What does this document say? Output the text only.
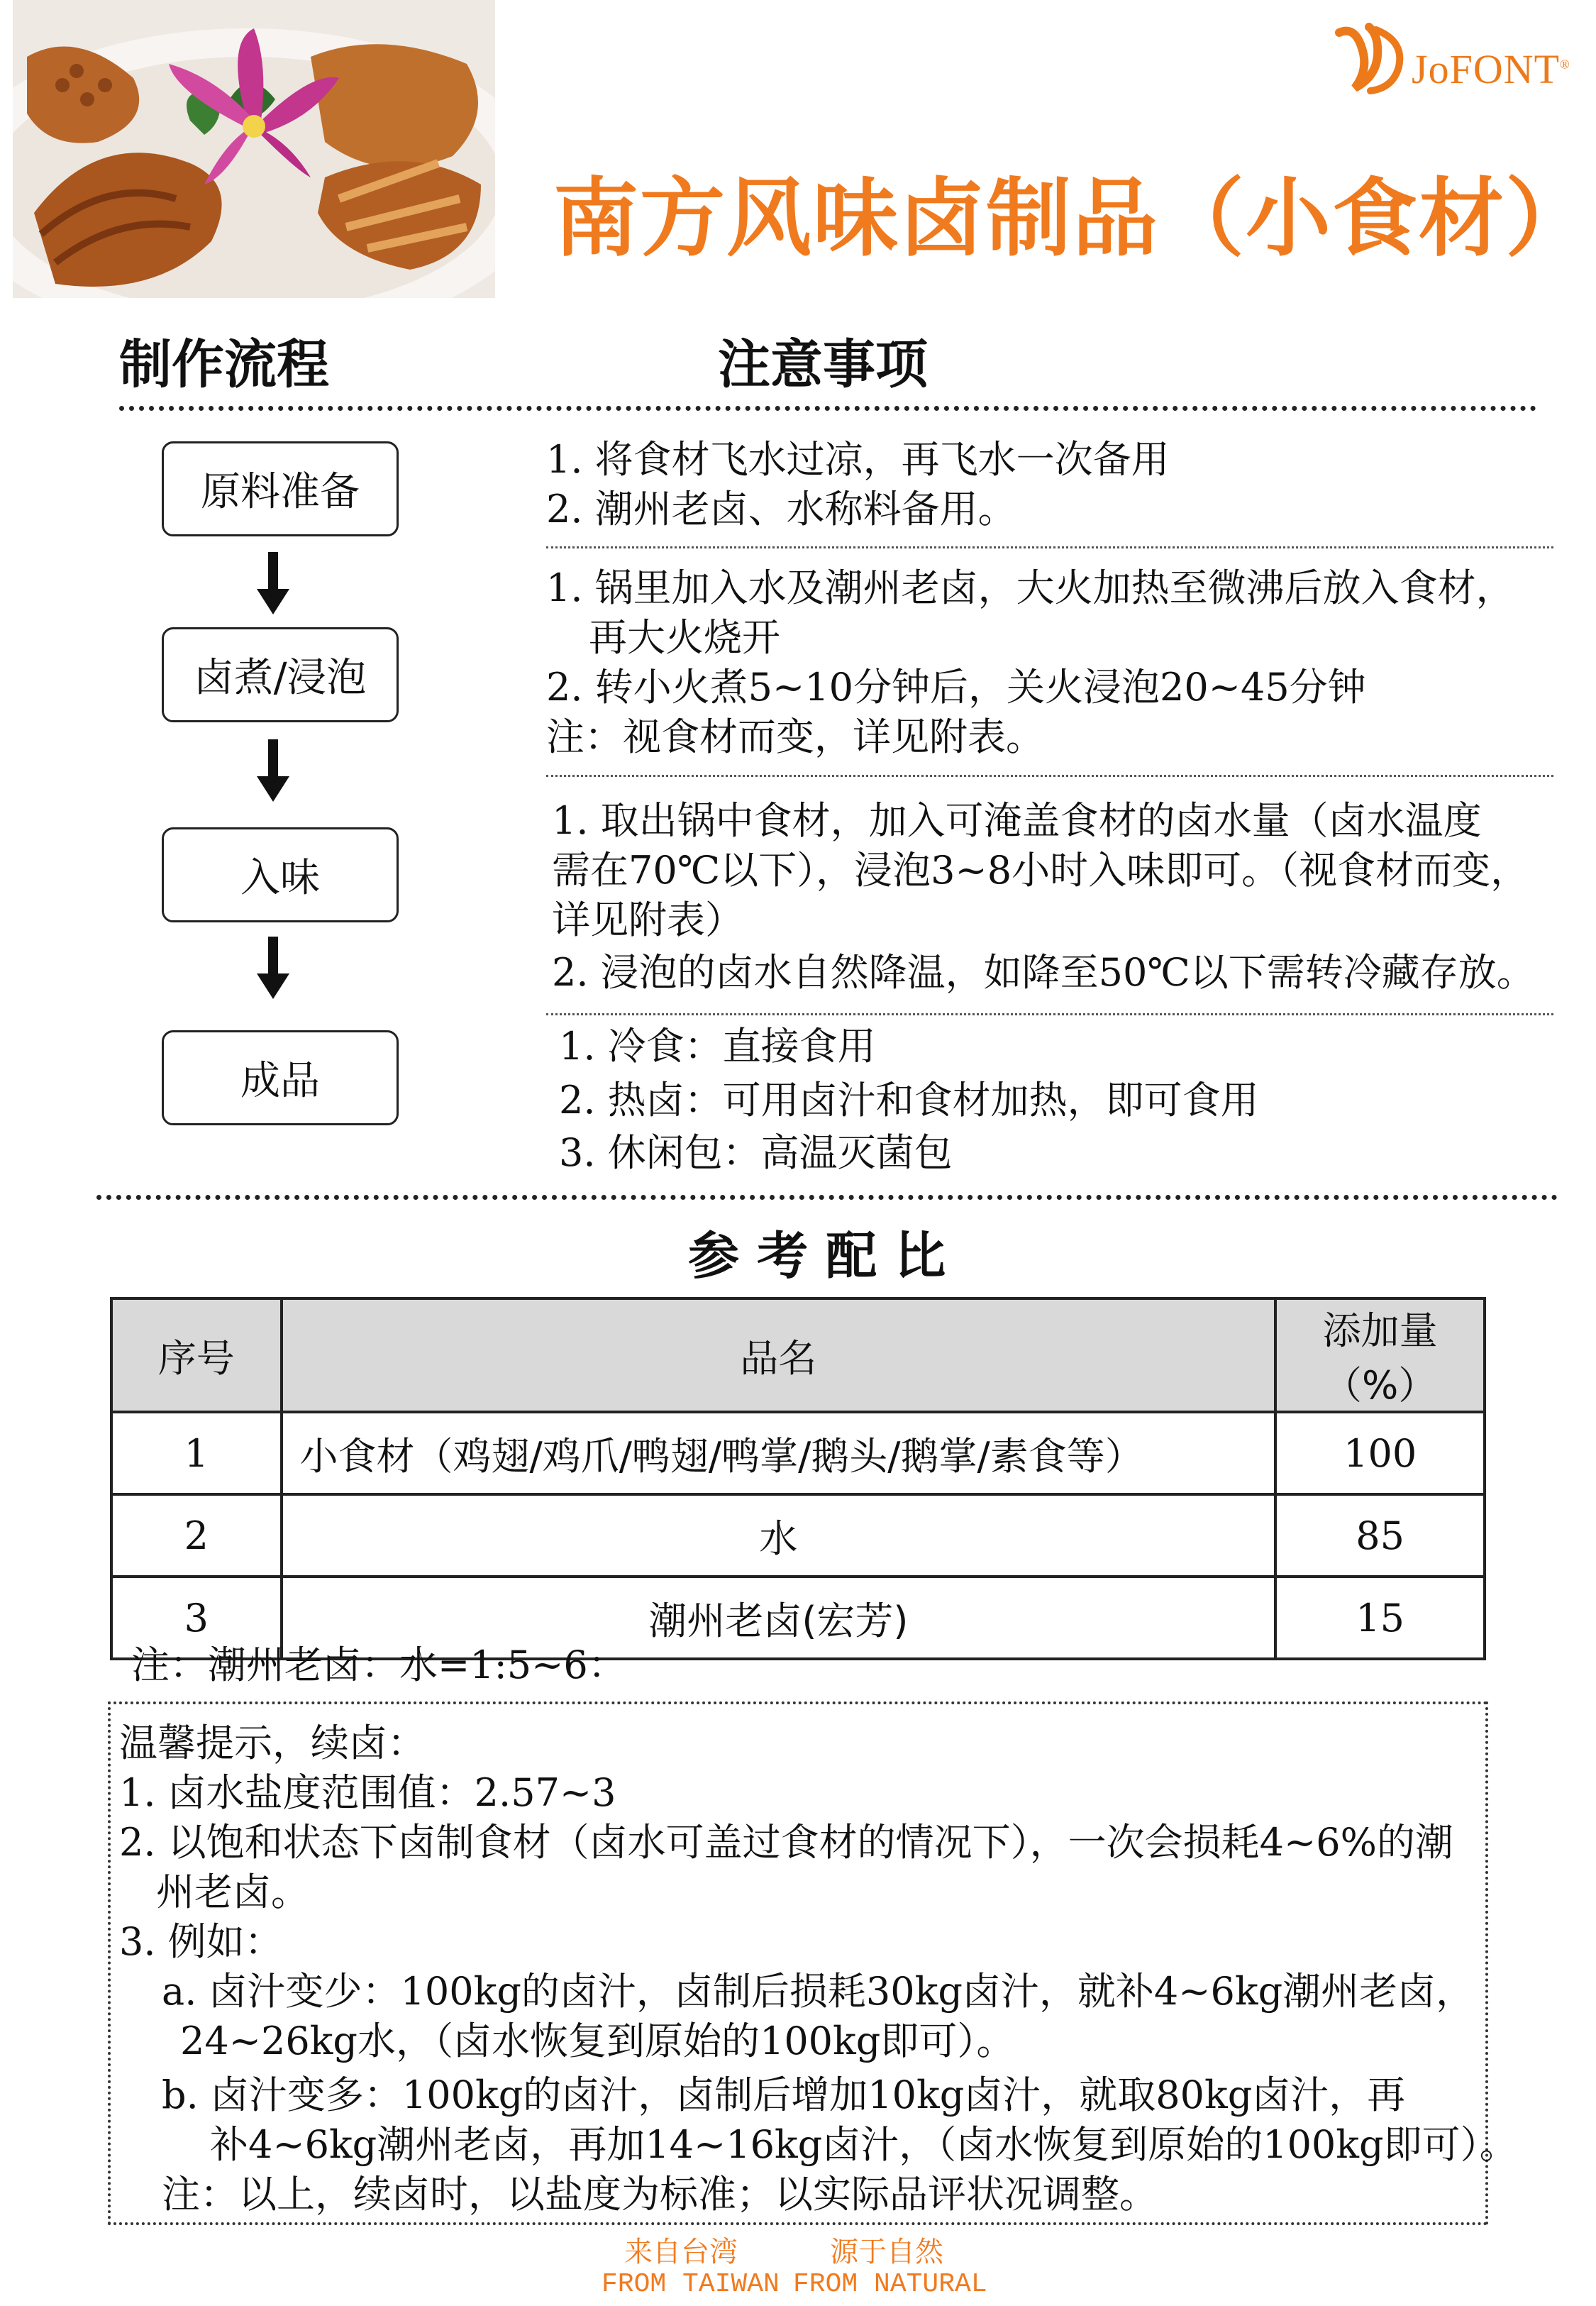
JoFONT®
南方风味卤制品（小食材）
制作流程	注意事项
原料准备
卤煮/浸泡
入味
成品
1. 将食材飞水过凉，再飞水一次备用
2. 潮州老卤、水称料备用。
1. 锅里加入水及潮州老卤，大火加热至微沸后放入食材，
再大火烧开
2. 转小火煮5~10分钟后，关火浸泡20~45分钟
注：视食材而变，详见附表。
1. 取出锅中食材，加入可淹盖食材的卤水量（卤水温度
需在70℃以下），浸泡3~8小时入味即可。（视食材而变，
详见附表）
2. 浸泡的卤水自然降温，如降至50℃以下需转冷藏存放。
1. 冷食：直接食用
2. 热卤：可用卤汁和食材加热，即可食用
3. 休闲包：高温灭菌包
参 考 配 比
序号	品名	添加量（%）
1	小食材（鸡翅/鸡爪/鸭翅/鸭掌/鹅头/鹅掌/素食等）	100
2	水	85
3	潮州老卤(宏芳)	15
注：潮州老卤：水=1:5~6：
温馨提示，续卤：
1. 卤水盐度范围值：2.57~3
2. 以饱和状态下卤制食材（卤水可盖过食材的情况下），一次会损耗4~6%的潮
州老卤。
3. 例如：
a. 卤汁变少：100kg的卤汁，卤制后损耗30kg卤汁，就补4~6kg潮州老卤，
24~26kg水，（卤水恢复到原始的100kg即可）。
b. 卤汁变多：100kg的卤汁，卤制后增加10kg卤汁，就取80kg卤汁，再
补4~6kg潮州老卤，再加14~16kg卤汁，（卤水恢复到原始的100kg即可）。
注：以上，续卤时，以盐度为标准；以实际品评状况调整。
来自台湾	源于自然
FROM TAIWAN FROM NATURAL
